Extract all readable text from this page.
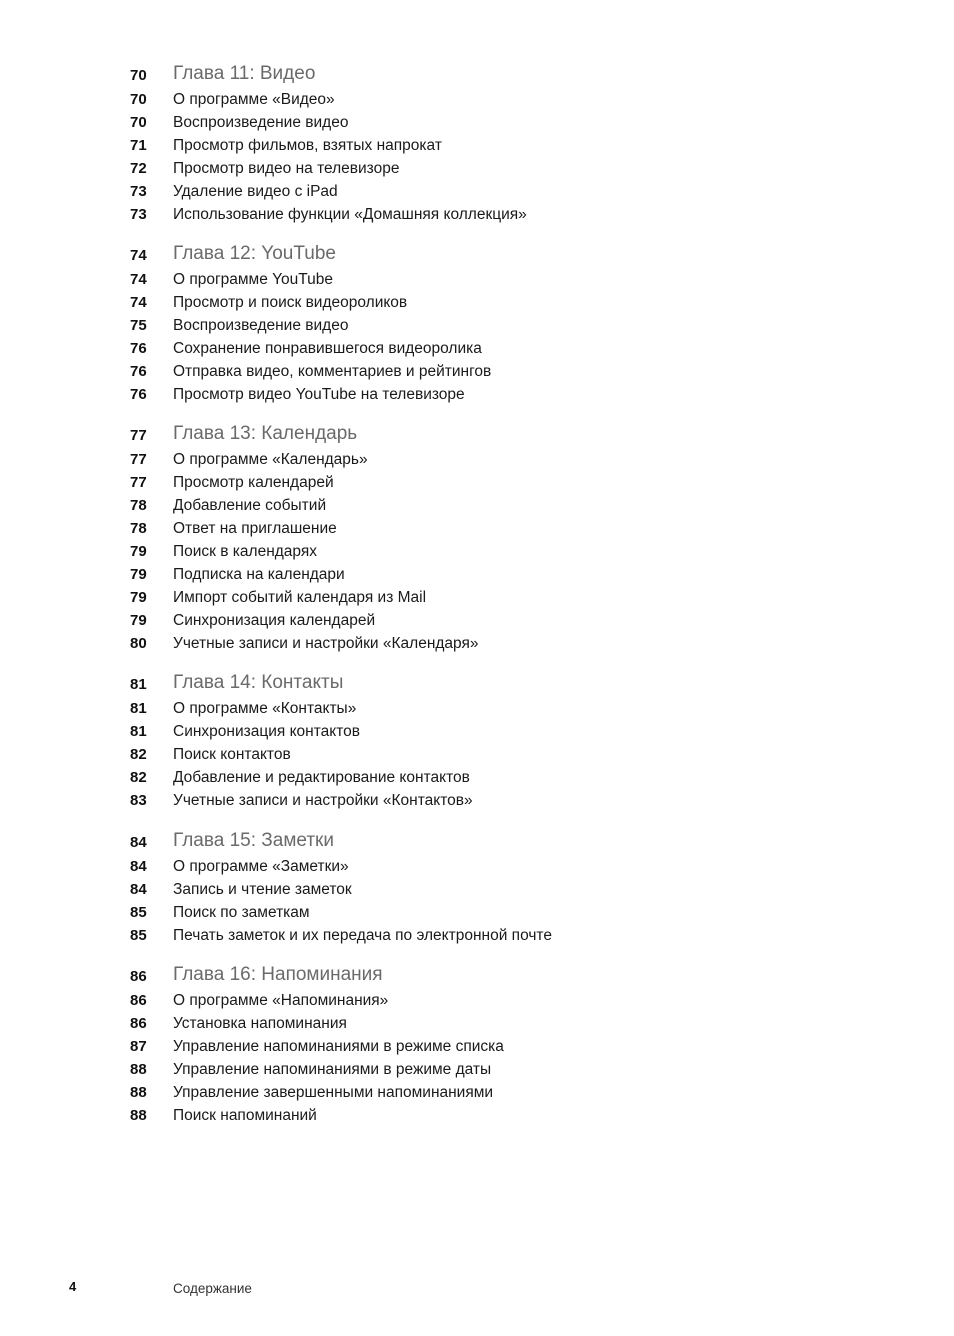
70 Глава 11: Видео
70 О программе «Видео»
70 Воспроизведение видео
71 Просмотр фильмов, взятых напрокат
72 Просмотр видео на телевизоре
73 Удаление видео с iPad
73 Использование функции «Домашняя коллекция»
74 Глава 12: YouTube
74 О программе YouTube
74 Просмотр и поиск видеороликов
75 Воспроизведение видео
76 Сохранение понравившегося видеоролика
76 Отправка видео, комментариев и рейтингов
76 Просмотр видео YouTube на телевизоре
77 Глава 13: Календарь
77 О программе «Календарь»
77 Просмотр календарей
78 Добавление событий
78 Ответ на приглашение
79 Поиск в календарях
79 Подписка на календари
79 Импорт событий календаря из Mail
79 Синхронизация календарей
80 Учетные записи и настройки «Календаря»
81 Глава 14: Контакты
81 О программе «Контакты»
81 Синхронизация контактов
82 Поиск контактов
82 Добавление и редактирование контактов
83 Учетные записи и настройки «Контактов»
84 Глава 15: Заметки
84 О программе «Заметки»
84 Запись и чтение заметок
85 Поиск по заметкам
85 Печать заметок и их передача по электронной почте
86 Глава 16: Напоминания
86 О программе «Напоминания»
86 Установка напоминания
87 Управление напоминаниями в режиме списка
88 Управление напоминаниями в режиме даты
88 Управление завершенными напоминаниями
88 Поиск напоминаний
4	Содержание
